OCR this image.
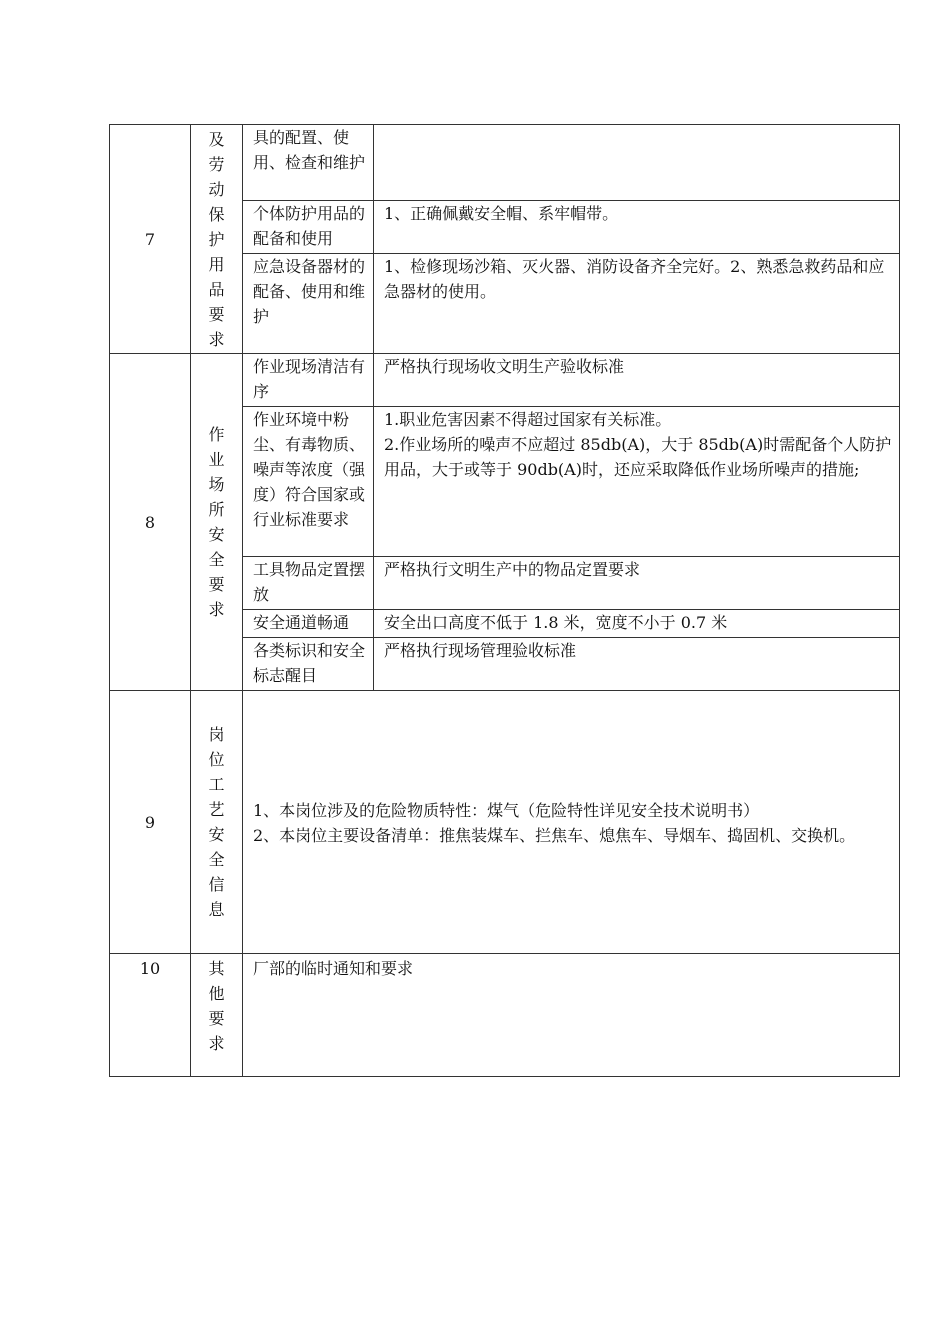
7	及劳动保护用品要求	具的配置、使用、检查和维护	
		个体防护用品的配备和使用	1、正确佩戴安全帽、系牢帽带。
		应急设备器材的配备、使用和维护	1、检修现场沙箱、灭火器、消防设备齐全完好。2、熟悉急救药品和应急器材的使用。
8	作业场所安全要求	作业现场清洁有序	严格执行现场收文明生产验收标准
		作业环境中粉尘、有毒物质、噪声等浓度（强度）符合国家或行业标准要求	1.职业危害因素不得超过国家有关标准。
2.作业场所的噪声不应超过 85db(A)，大于 85db(A)时需配备个人防护用品，大于或等于 90db(A)时，还应采取降低作业场所噪声的措施;

		工具物品定置摆放	严格执行文明生产中的物品定置要求
		安全通道畅通	安全出口高度不低于 1.8 米，宽度不小于 0.7 米
		各类标识和安全标志醒目	严格执行现场管理验收标准
9	岗位工艺安全信息	1、本岗位涉及的危险物质特性：煤气（危险特性详见安全技术说明书）
2、本岗位主要设备清单：推焦装煤车、拦焦车、熄焦车、导烟车、捣固机、交换机。	

10	其他要求	厂部的临时通知和要求	
